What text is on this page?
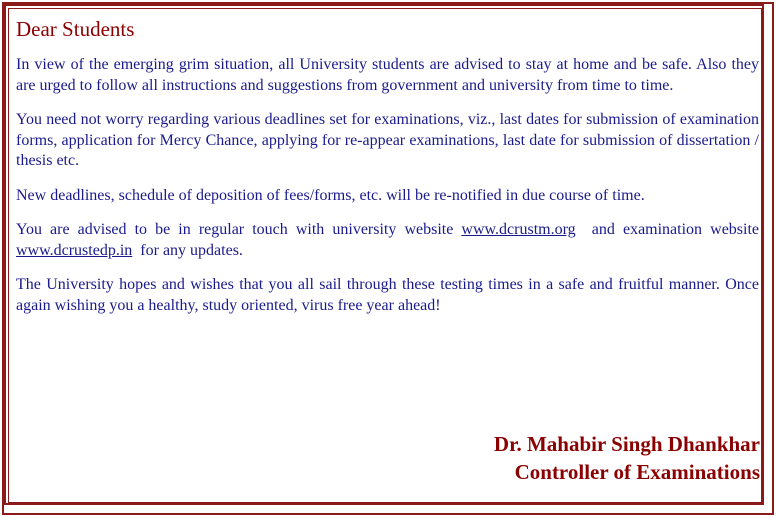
Dear Students

In view of the emerging grim situation, all University students are advised to stay at home and be safe. Also they are urged to follow all instructions and suggestions from government and university from time to time.

You need not worry regarding various deadlines set for examinations, viz., last dates for submission of examination forms, application for Mercy Chance, applying for re-appear examinations, last date for submission of dissertation / thesis etc.

New deadlines, schedule of deposition of fees/forms, etc. will be re-notified in due course of time.

You are advised to be in regular touch with university website www.dcrustm.org  and examination website  www.dcrustedp.in  for any updates.

The University hopes and wishes that you all sail through these testing times in a safe and fruitful manner. Once again wishing you a healthy, study oriented, virus free year ahead!

Dr. Mahabir Singh Dhankhar
Controller of Examinations
